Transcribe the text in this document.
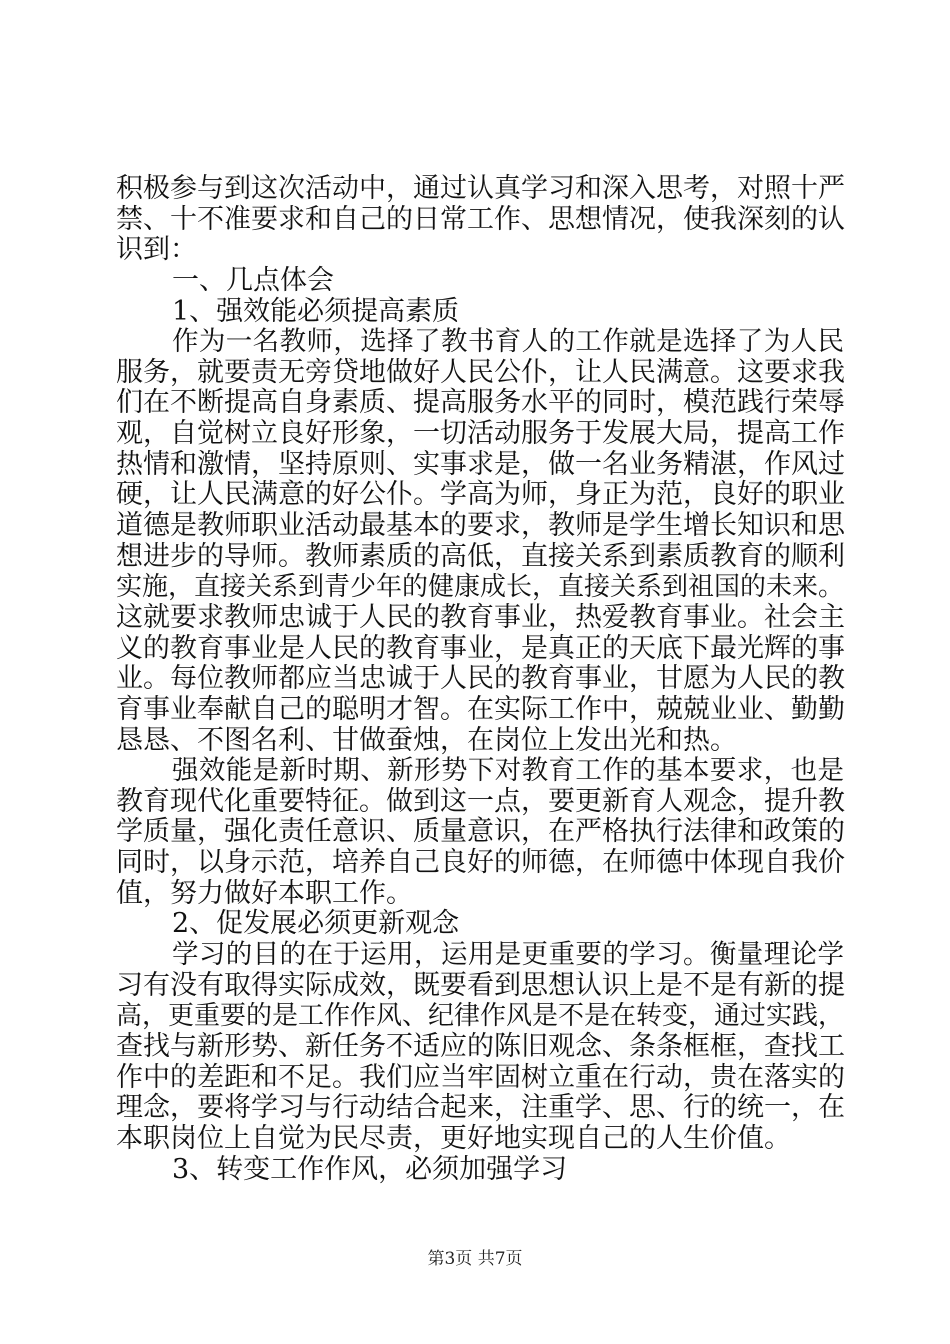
积极参与到这次活动中，通过认真学习和深入思考，对照十严
禁、十不准要求和自己的日常工作、思想情况，使我深刻的认
识到：
一、几点体会
1、强效能必须提高素质
作为一名教师，选择了教书育人的工作就是选择了为人民
服务，就要责无旁贷地做好人民公仆，让人民满意。这要求我
们在不断提高自身素质、提高服务水平的同时，模范践行荣辱
观，自觉树立良好形象，一切活动服务于发展大局，提高工作
热情和激情，坚持原则、实事求是，做一名业务精湛，作风过
硬，让人民满意的好公仆。学高为师，身正为范，良好的职业
道德是教师职业活动最基本的要求，教师是学生增长知识和思
想进步的导师。教师素质的高低，直接关系到素质教育的顺利
实施，直接关系到青少年的健康成长，直接关系到祖国的未来。
这就要求教师忠诚于人民的教育事业，热爱教育事业。社会主
义的教育事业是人民的教育事业，是真正的天底下最光辉的事
业。每位教师都应当忠诚于人民的教育事业，甘愿为人民的教
育事业奉献自己的聪明才智。在实际工作中，兢兢业业、勤勤
恳恳、不图名利、甘做蚕烛，在岗位上发出光和热。
强效能是新时期、新形势下对教育工作的基本要求，也是
教育现代化重要特征。做到这一点，要更新育人观念，提升教
学质量，强化责任意识、质量意识，在严格执行法律和政策的
同时，以身示范，培养自己良好的师德，在师德中体现自我价
值，努力做好本职工作。
2、促发展必须更新观念
学习的目的在于运用，运用是更重要的学习。衡量理论学
习有没有取得实际成效，既要看到思想认识上是不是有新的提
高，更重要的是工作作风、纪律作风是不是在转变，通过实践，
查找与新形势、新任务不适应的陈旧观念、条条框框，查找工
作中的差距和不足。我们应当牢固树立重在行动，贵在落实的
理念，要将学习与行动结合起来，注重学、思、行的统一，在
本职岗位上自觉为民尽责，更好地实现自己的人生价值。
3、转变工作作风，必须加强学习
第3页 共7页
